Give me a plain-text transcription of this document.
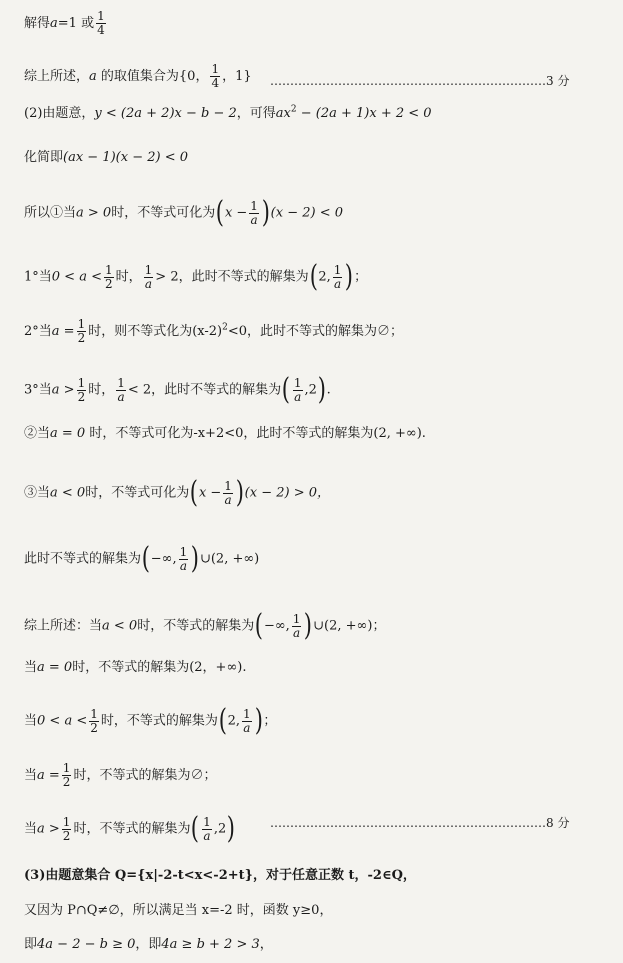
解得a=1 或 $\frac{1}{4}$
综上所述，a 的取值集合为{0， $\frac{1}{4}$ ，1} ……………………………………………………………3 分
(2)由题意，y < (2a + 2)x − b − 2，可得$ax^2 - (2a + 1)x + 2 < 0$
化简即(ax − 1)(x − 2) < 0
所以①当a > 0时，不等式可化为$(x - \frac{1}{a} )(x - 2) < 0$
1°当$0 < a < \frac{1}{2}$ 时， $\frac{1}{a} > 2$，此时不等式的解集为(2, $\frac{1}{a}$ )；
2°当$a = \frac{1}{2}$ 时，则不等式化为$(x-2)^2<0$，此时不等式的解集为∅；
3°当$a > \frac{1}{2}$ 时， $\frac{1}{a} < 2$，此时不等式的解集为( $\frac{1}{a} ,2$).
②当a = 0 时，不等式可化为-x+2<0，此时不等式的解集为(2, +∞).
③当a < 0时，不等式可化为$(x - \frac{1}{a} )(x - 2) > 0$，
此时不等式的解集为(−∞, $\frac{1}{a}$ )∪(2, +∞)
综上所述：当a < 0时，不等式的解集为(−∞, $\frac{1}{a}$ )∪(2, +∞)；
当a = 0时，不等式的解集为(2，+∞).
当$0 < a < \frac{1}{2}$ 时，不等式的解集为(2, $\frac{1}{a}$ )；
当$a = \frac{1}{2}$ 时，不等式的解集为∅；
当$a > \frac{1}{2}$ 时，不等式的解集为( $\frac{1}{a} ,2$)	……………………………………………………………8 分
(3)由题意集合 Q={x|-2-t<x<-2+t}，对于任意正数 t，-2∈Q，
又因为 P∩Q≠∅，所以满足当 x=-2 时，函数 y≥0，
即4a − 2 − b ≥ 0，即4a ≥ b + 2 > 3，
